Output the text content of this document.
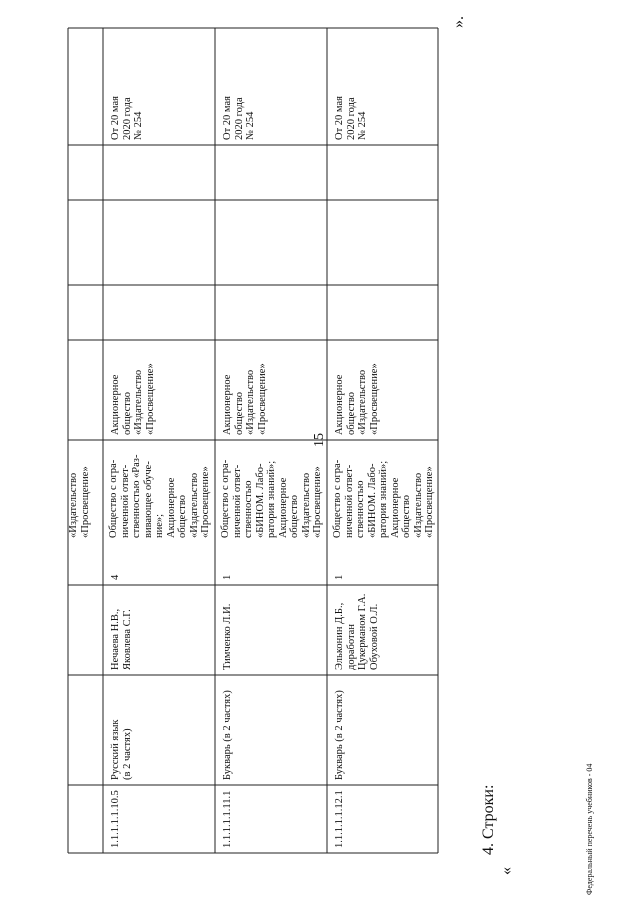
15
«Издательство
«Просвещение»
1.1.1.1.1.10.5
Русский язык
(в 2 частях)
Нечаева Н.В.,
Яковлева С.Г.
4
Общество с огра-
ниченной ответ-
ственностью «Раз-
вивающее обуче-
ние»;
Акционерное
общество
«Издательство
«Просвещение»
Акционерное
общество
«Издательство
«Просвещение»
От 20 мая
2020 года
№ 254
1.1.1.1.1.11.1
Букварь (в 2 частях)
Тимченко Л.И.
1
Общество с огра-
ниченной ответ-
ственностью
«БИНОМ. Лабо-
ратория знаний»;
Акционерное
общество
«Издательство
«Просвещение»
Акционерное
общество
«Издательство
«Просвещение»
От 20 мая
2020 года
№ 254
1.1.1.1.1.12.1
Букварь (в 2 частях)
Эльконин Д.Б.,
доработан
Цукерманом Г.А.
Обуховой О.Л.
1
Общество с огра-
ниченной ответ-
ственностью
«БИНОМ. Лабо-
ратория знаний»;
Акционерное
общество
«Издательство
«Просвещение»
Акционерное
общество
«Издательство
«Просвещение»
От 20 мая
2020 года
№ 254
».
4. Строки:
«	Федеральный перечень учебников - 04
